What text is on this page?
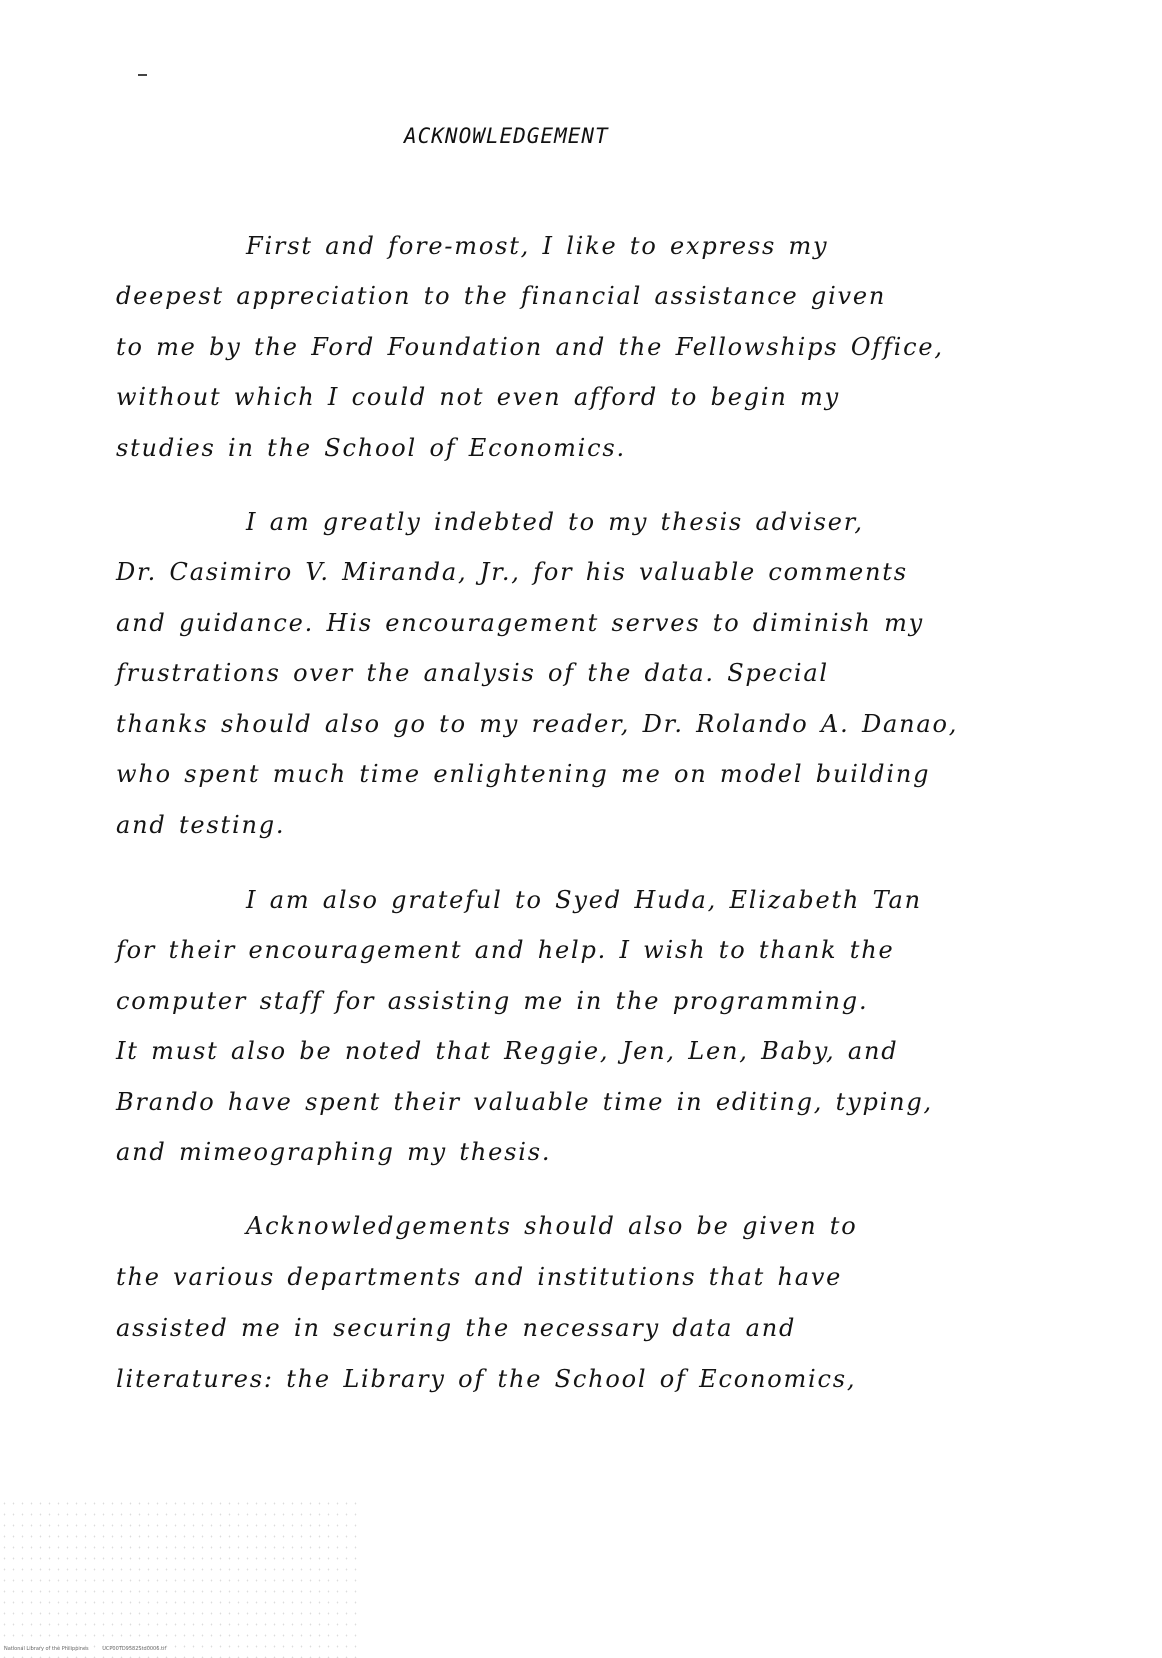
ACKNOWLEDGEMENT
First and fore-most, I like to express my
deepest appreciation to the financial assistance given
to me by the Ford Foundation and the Fellowships Office,
without which I could not even afford to begin my
studies in the School of Economics.
I am greatly indebted to my thesis adviser,
Dr. Casimiro V. Miranda, Jr., for his valuable comments
and guidance. His encouragement serves to diminish my
frustrations over the analysis of the data. Special
thanks should also go to my reader, Dr. Rolando A. Danao,
who spent much time enlightening me on model building
and testing.
I am also grateful to Syed Huda, Elizabeth Tan
for their encouragement and help. I wish to thank the
computer staff for assisting me in the programming.
It must also be noted that Reggie, Jen, Len, Baby, and
Brando have spent their valuable time in editing, typing,
and mimeographing my thesis.
Acknowledgements should also be given to
the various departments and institutions that have
assisted me in securing the necessary data and
literatures: the Library of the School of Economics,
National Library of the Philippines	UCP00TD9582Std0006.tif
